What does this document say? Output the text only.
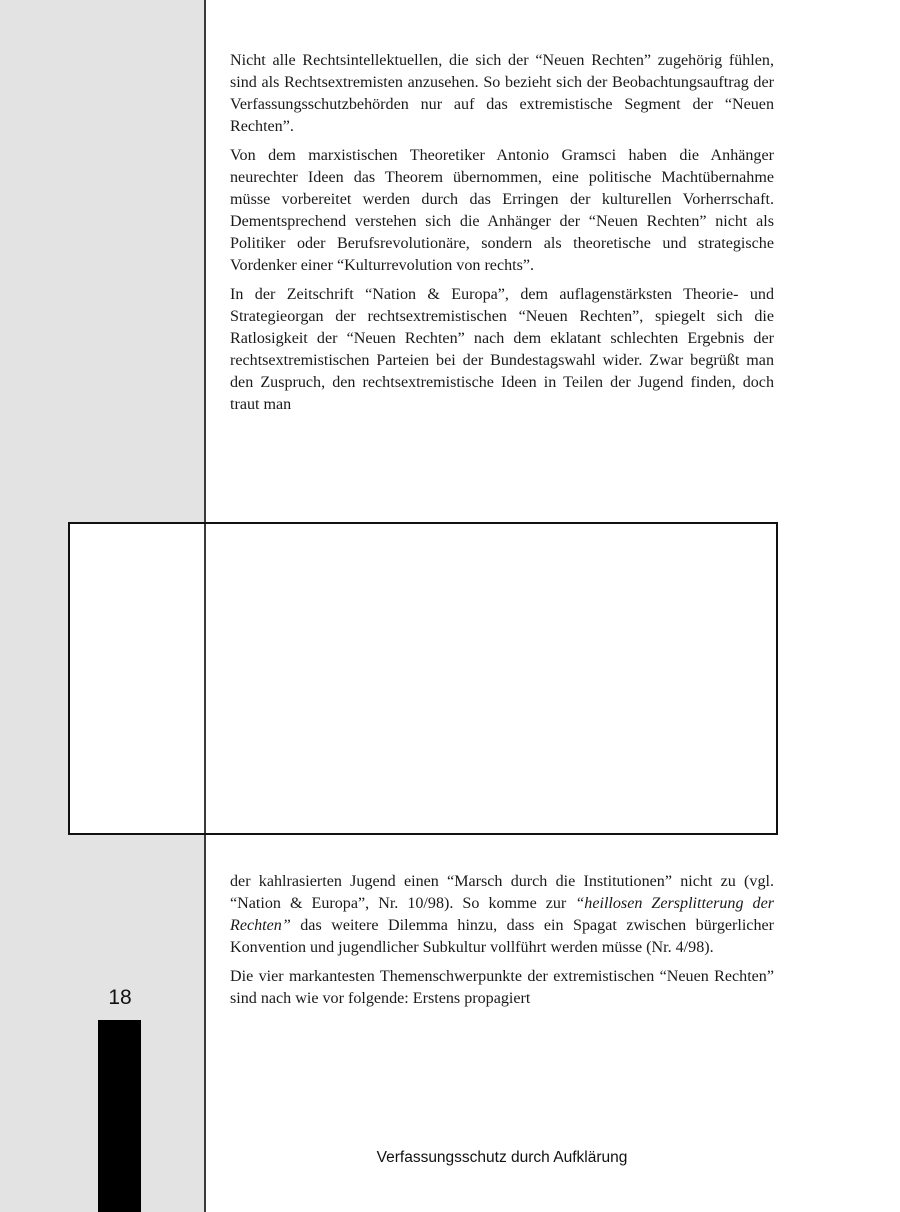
Nicht alle Rechtsintellektuellen, die sich der “Neuen Rechten” zugehörig fühlen, sind als Rechtsextremisten anzusehen. So bezieht sich der Beobachtungsauftrag der Verfassungsschutzbehörden nur auf das extremistische Segment der “Neuen Rechten”.

Von dem marxistischen Theoretiker Antonio Gramsci haben die Anhänger neurechter Ideen das Theorem übernommen, eine politische Machtübernahme müsse vorbereitet werden durch das Erringen der kulturellen Vorherrschaft. Dementsprechend verstehen sich die Anhänger der “Neuen Rechten” nicht als Politiker oder Berufsrevolutionäre, sondern als theoretische und strategische Vordenker einer “Kulturrevolution von rechts”.

In der Zeitschrift “Nation & Europa”, dem auflagenstärksten Theorie- und Strategieorgan der rechtsextremistischen “Neuen Rechten”, spiegelt sich die Ratlosigkeit der “Neuen Rechten” nach dem eklatant schlechten Ergebnis der rechtsextremistischen Parteien bei der Bundestagswahl wider. Zwar begrüßt man den Zuspruch, den rechtsextremistische Ideen in Teilen der Jugend finden, doch traut man

der kahlrasierten Jugend einen “Marsch durch die Institutionen” nicht zu (vgl. “Nation & Europa”, Nr. 10/98). So komme zur “heillosen Zersplitterung der Rechten” das weitere Dilemma hinzu, dass ein Spagat zwischen bürgerlicher Konvention und jugendlicher Subkultur vollführt werden müsse (Nr. 4/98).

Die vier markantesten Themenschwerpunkte der extremistischen “Neuen Rechten” sind nach wie vor folgende: Erstens propagiert

18
Verfassungsschutz durch Aufklärung
